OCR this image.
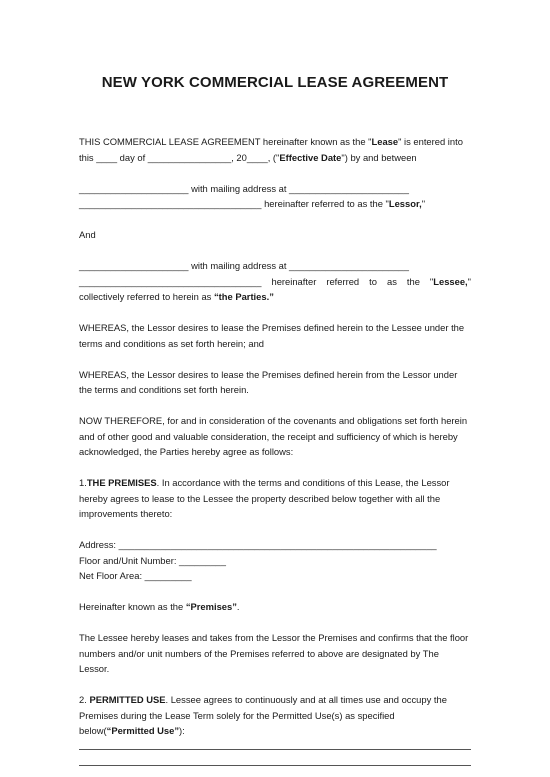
NEW YORK COMMERCIAL LEASE AGREEMENT

THIS COMMERCIAL LEASE AGREEMENT hereinafter known as the "Lease" is entered into
this ____ day of ________________, 20____, ("Effective Date") by and between

_____________________ with mailing address at _______________________
___________________________________ hereinafter referred to as the "Lessor,"

And

_____________________ with mailing address at _______________________
___________________________________ hereinafter referred to as the "Lessee,"
collectively referred to herein as “the Parties.”

WHEREAS, the Lessor desires to lease the Premises defined herein to the Lessee under the terms and conditions as set forth herein; and

WHEREAS, the Lessor desires to lease the Premises defined herein from the Lessor under the terms and conditions set forth herein.

NOW THEREFORE, for and in consideration of the covenants and obligations set forth herein and of other good and valuable consideration, the receipt and sufficiency of which is hereby acknowledged, the Parties hereby agree as follows:

1.THE PREMISES. In accordance with the terms and conditions of this Lease, the Lessor hereby agrees to lease to the Lessee the property described below together with all the improvements thereto:

Address: _____________________________________________________________
Floor and/Unit Number: _________
Net Floor Area: _________

Hereinafter known as the “Premises”.

The Lessee hereby leases and takes from the Lessor the Premises and confirms that the floor numbers and/or unit numbers of the Premises referred to above are designated by The Lessor.

2. PERMITTED USE. Lessee agrees to continuously and at all times use and occupy the Premises during the Lease Term solely for the Permitted Use(s) as specified below(“Permitted Use”):
